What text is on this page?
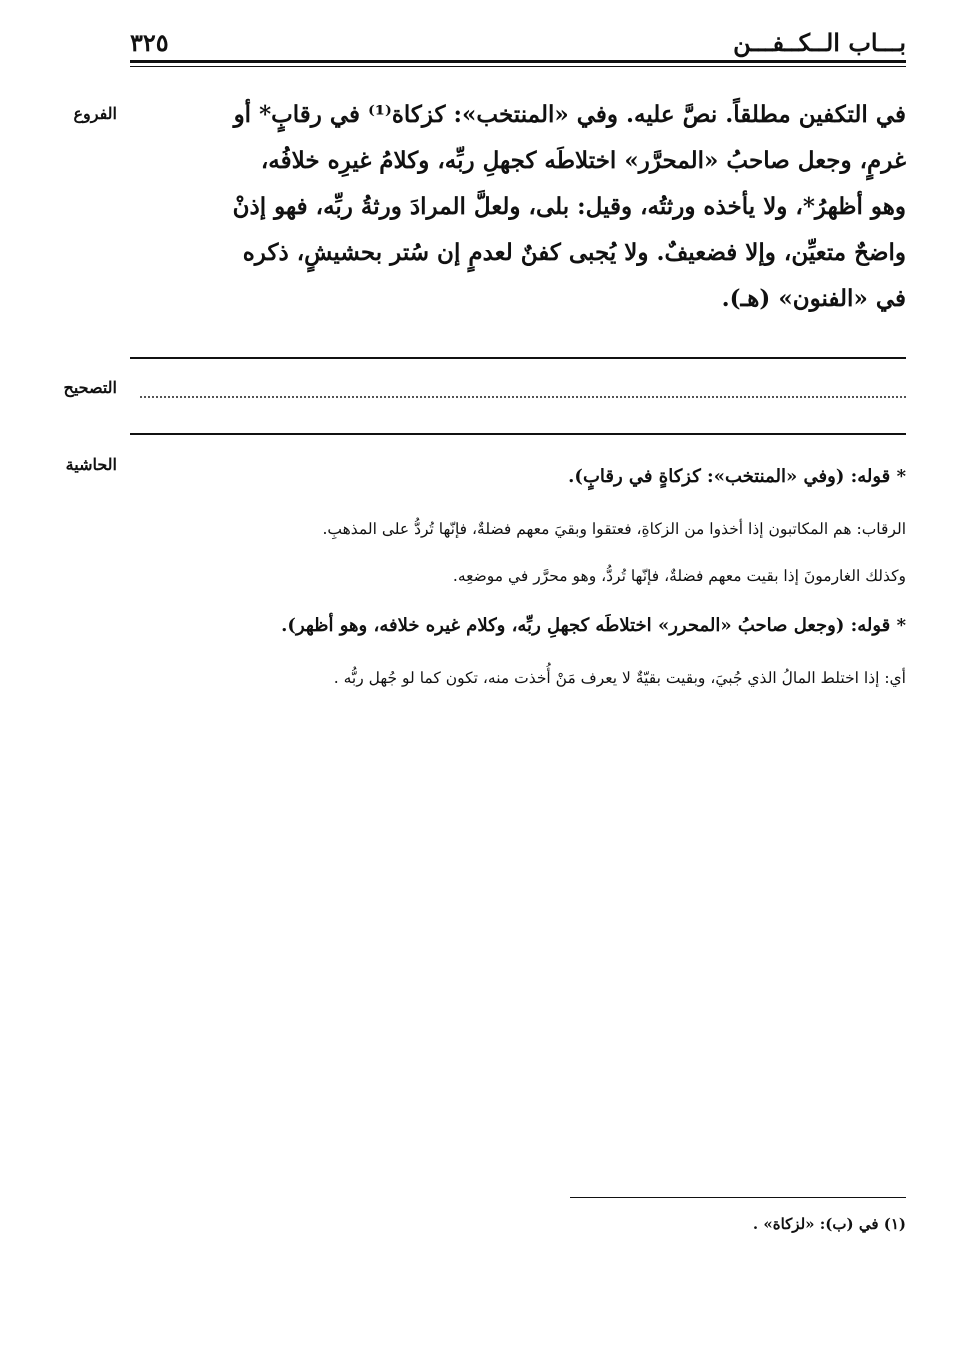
بـــاب الــكــفـــن
٣٢٥
الفروع
التصحيح
الحاشية
في التكفين مطلقاً. نصَّ عليه. وفي «المنتخب»: كزكاة⁽¹⁾ في رقابٍ* أو
غرمٍ، وجعل صاحبُ «المحرَّر» اختلاطَه كجهلِ ربِّه، وكلامُ غيرِه خلافُه،
وهو أظهرُ*، ولا يأخذه ورثتُه، وقيل: بلى، ولعلَّ المرادَ ورثةُ ربِّه، فهو إذنْ
واضحٌ متعيِّن، وإلا فضعيفٌ. ولا يُجبى كفنٌ لعدمٍ إن سُتر بحشيشٍ، ذكره
في «الفنون» (هـ).
* قوله: (وفي «المنتخب»: كزكاةٍ في رقابٍ).
الرقاب: هم المكاتبون إذا أخذوا من الزكاةِ، فعتقوا وبقيَ معهم فضلةٌ، فإنّها تُردُّ على المذهبِ.
وكذلك الغارمونَ إذا بقيت معهم فضلةٌ، فإنّها تُردُّ، وهو محرَّر في موضعِه.
* قوله: (وجعل صاحبُ «المحرر» اختلاطَه كجهلِ ربِّه، وكلام غيره خلافه، وهو أظهر).
أي: إذا اختلط المالُ الذي جُبيَ، وبقيت بقيّةٌ لا يعرف مَنْ أُخذت منه، تكون كما لو جُهل ربُّه .
(١) في (ب): «لزكاة» .
